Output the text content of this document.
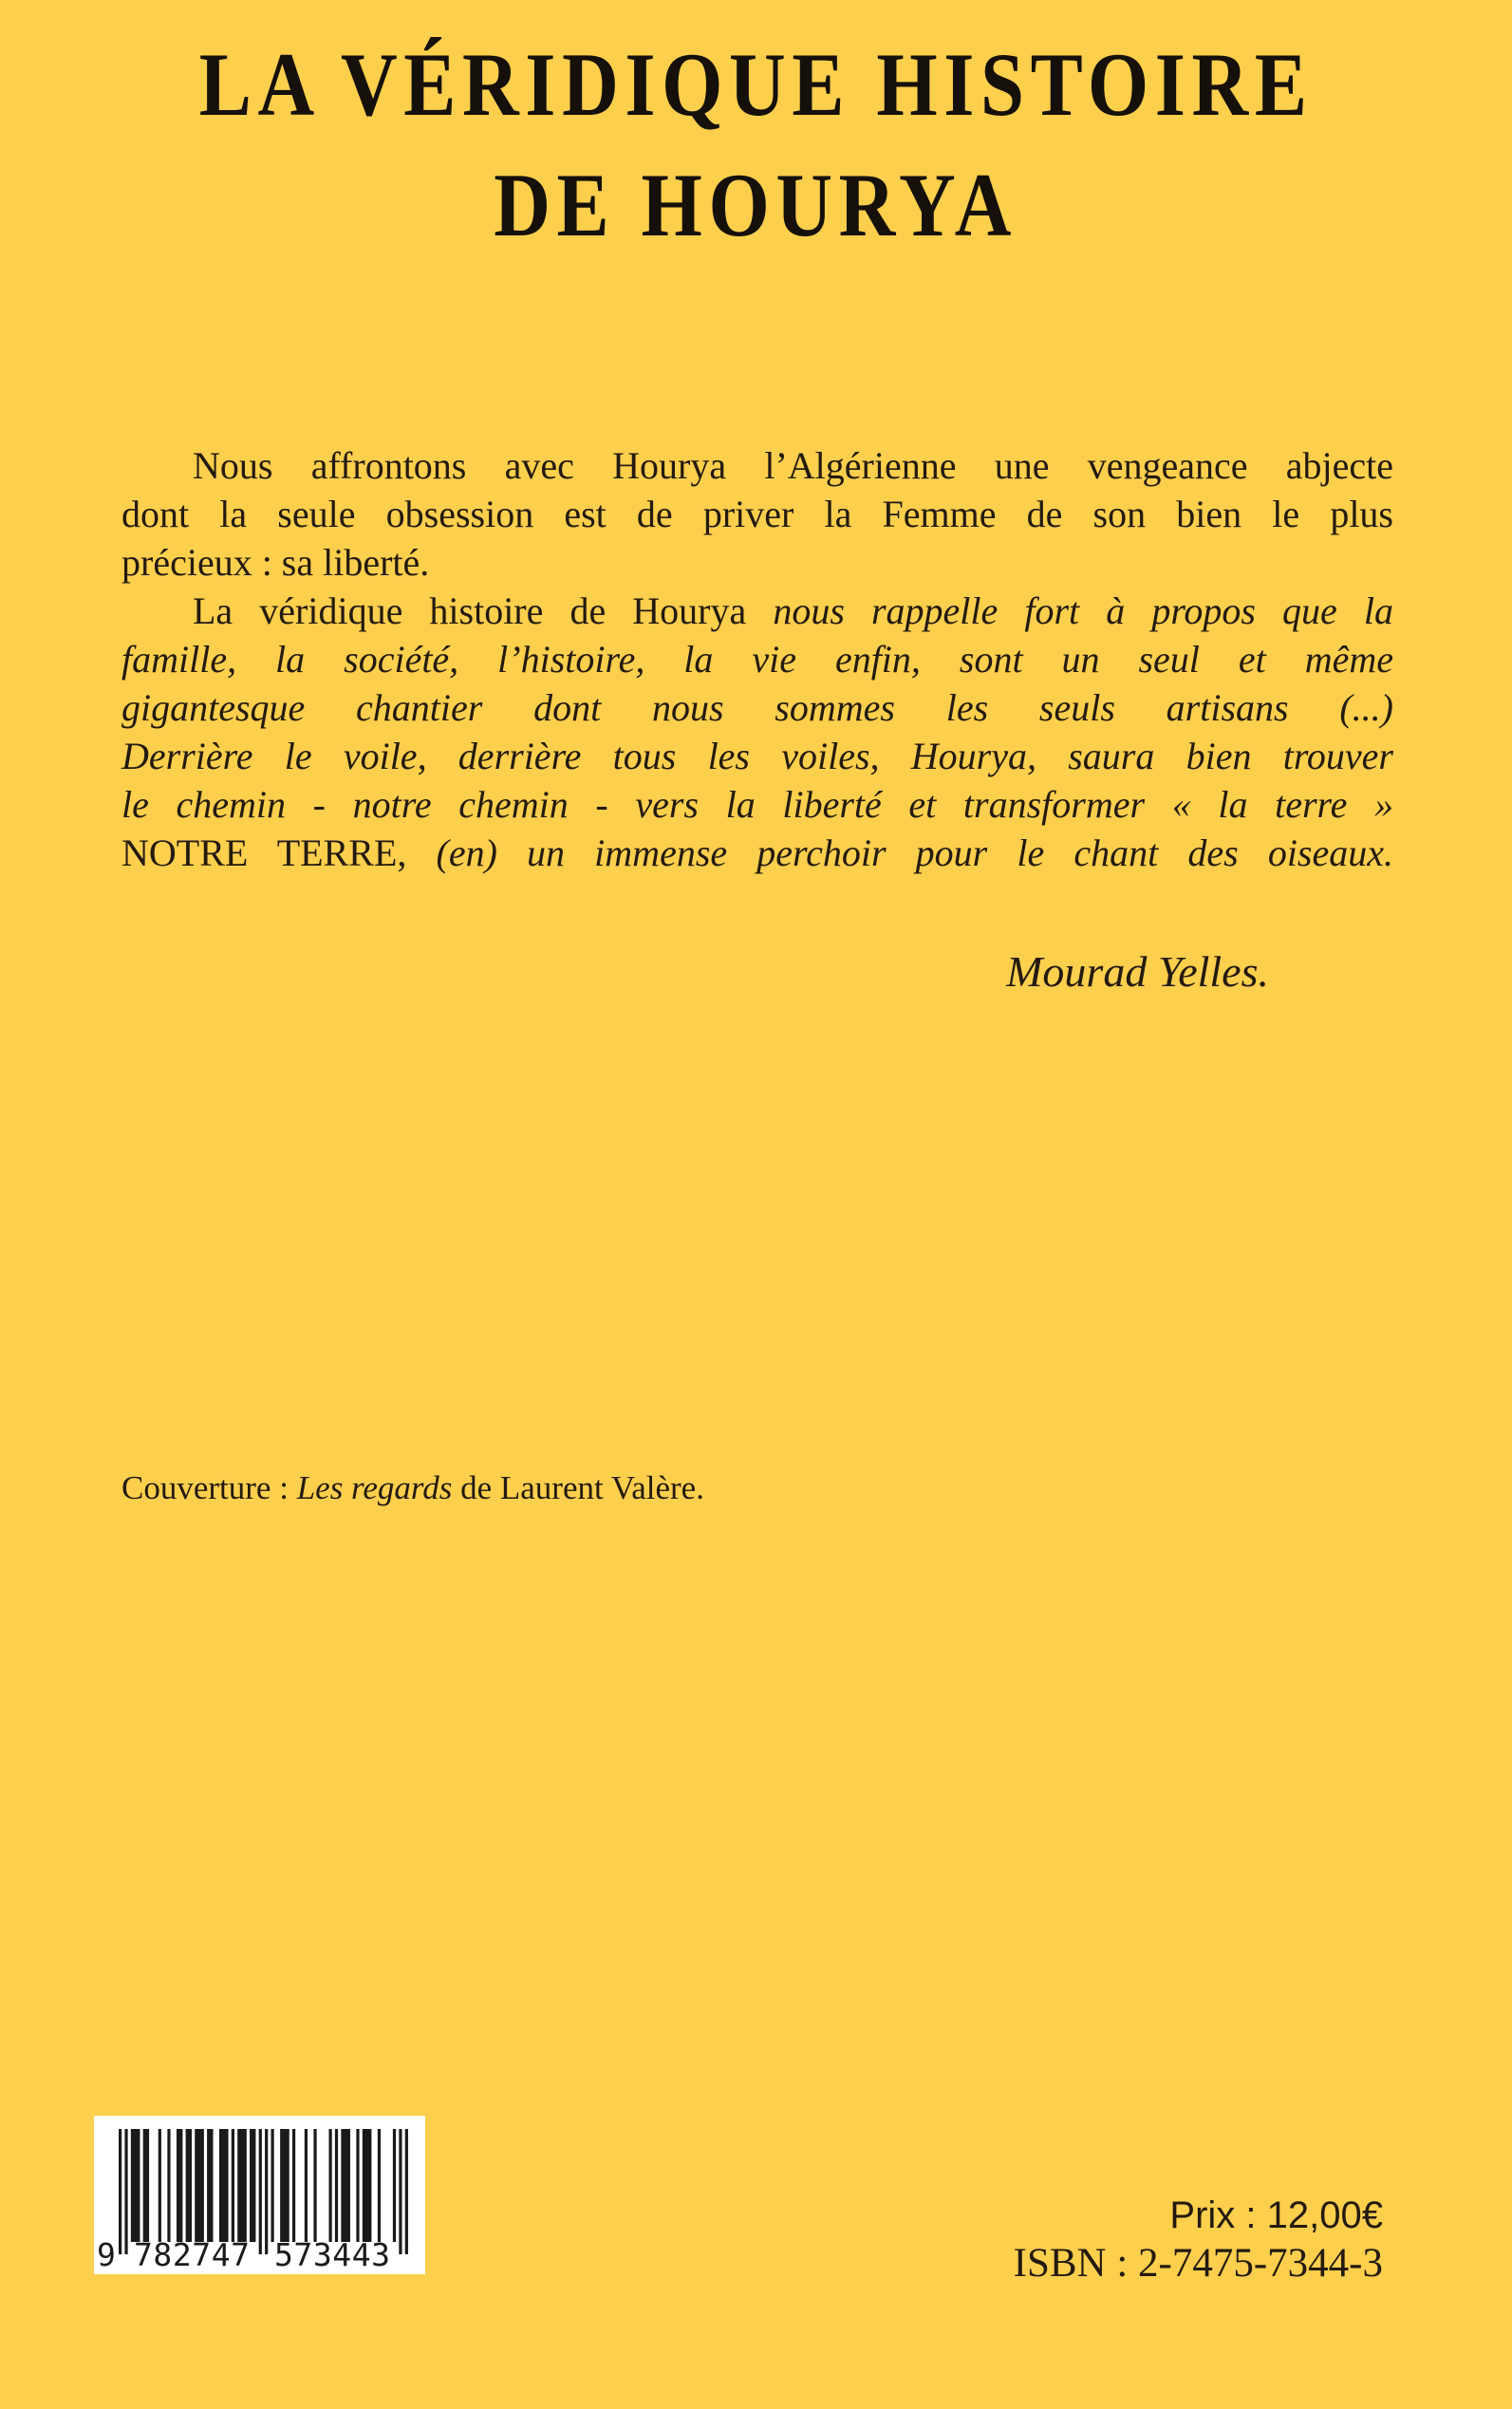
LA VÉRIDIQUE HISTOIRE
DE HOURYA
Nous affrontons avec Hourya l’Algérienne une vengeance abjecte
dont la seule obsession est de priver la Femme de son bien le plus
précieux : sa liberté.
La véridique histoire de Hourya nous rappelle fort à propos que la
famille, la société, l’histoire, la vie enfin, sont un seul et même
gigantesque chantier dont nous sommes les seuls artisans (...)
Derrière le voile, derrière tous les voiles, Hourya, saura bien trouver
le chemin - notre chemin - vers la liberté et transformer « la terre »
NOTRE TERRE, (en) un immense perchoir pour le chant des oiseaux.
Mourad Yelles.
Couverture : Les regards de Laurent Valère.
9 782747 573443
Prix : 12,00€
ISBN : 2-7475-7344-3
